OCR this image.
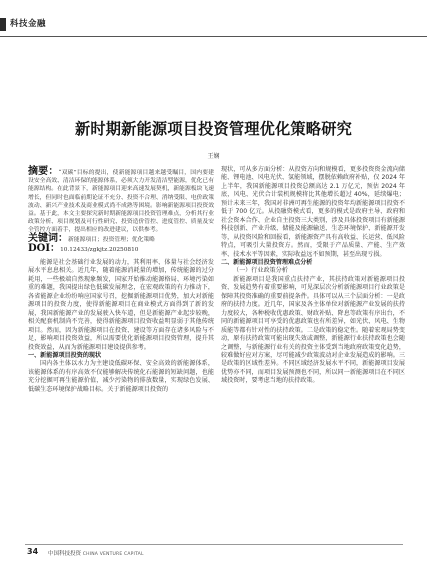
科技金融
新时期新能源项目投资管理优化策略研究
王娴

摘要：“双碳”目标的提出，使新能源项目越来越受瞩目，国内要建设安全高效、清洁环保的能源体系，必须大力开发清洁型能源，优化已有能源结构。在此背景下，新能源项目迎来高速发展契机，新能源板块飞速增长，但同时也面临前期论证不充分、投资不合理、消纳受限、电价政策波动、新兴产业技术及商业模式尚不成熟等困境。影响新能源项目投资效益。基于此，本文主要探究新时期新能源项目投资管理难点，分析其行业政策分析、项目规划及可行性研究、投资造价管控、进度管控、质量及安全管控方面着手，提出相应的改进建议，以供参考。

关键词：新能源项目；投资管理；优化策略

DOI：10.12433/zgkjtz.20250810

能源是社会基础行业发展的动力，其利用率、体量与社会经济发展水平息息相关。近几年，随着能源消耗量的增加，传统能源的过分耗用，一些极端自然现象频发，国家开始推动能源格局、环境污染如重的难题，我国提出绿色低碳发展理念，在宏观政策的有力推动下，各省能源企业纷纷响应国家号召，挖掘新能源项目优势，加大对新能源项目的投资力度，使得新能源项目在商业模式方面得到了新的发展，我国新能源产业的发展驶入快车道，但是新能源产业起步较晚，相关配套机制尚不完善，使得新能源项目投资收益明显弱于其他传统项目。然而，因为新能源项目在投资、建设等方面存在诸多风险与不足，影响项目投资效益，所以需要优化新能源项目投资管理，提升其投资效益，从而为新能源项目建设提供参考。

一、新能源项目投资的现状

国内各主体以水力为主建设低碳环保、安全高效的新能源体系，该能源体系的有序高效不仅能够解决传统化石能源的短缺问题，也能充分挖掘可再生能源价值，减少污染物的排放数量，实现绿色发展、低碳生态环境保护战略目标。关于新能源项目投资的

现状，可从多方面分析：从投资方向和规模看，更多投资资金流向储能、锂电池、风电光伏、氢能领域，摆脱依赖政府补贴，仅 2024 年上半年，我国新能源项目投资总额高达 2.1 万亿元，预估 2024 年底，风电、光伏合计装机规模将比其他增长超过 40%，延续爆电；预计未来三年，我国对非洲可再生能源的投资年均新能源项目投资不低于 700 亿元。从投融资模式看，更多的模式是政府主导、政府和社会资本合作、企业自主投资三大类别，涉及具体投资项目有新能源科技创新、产业升级、储能及能源输送、生态环境保护、新能源开发等，从投资风险和回报看，新能源资产具有高收益、长运营、低风险特点，可吸引大量投资方。然而，受限于产品质量、产能、生产效率、技术水平等因素，实际收益远不如预期，甚至出现亏损。

二、新能源项目投资管理难点分析

（一）行业政策分析

新能源项目是我国重点扶持产业，其扶持政策对新能源项目投资、发展趋势有着重要影响，可见深层次分析新能源项目行业政策是保障其投资准确的重要前提条件。具体可以从三个层面分析：一是政府的扶持力度。近几年，国家及各主体单位对新能源产业发展的扶持力度较大，各种税收优惠政策、财政补贴、降息等政策有序出台，不同的新能源项目可享受的优惠政策也有所差异，如光伏、风电、生物质能等都有针对性的扶持政策。二是政策的稳定性。随着宏观局势变动，原有扶持政策可能出现失效或调整，新能源行业扶持政策也会随之调整，与新能源行业有关的投资主体受到当地政府政策变化趋势，较难做好应对方案，尽可能减少政策波动对企业发展造成的影响。三是政策的区域性差异。不同区域经济发展水平不同，新能源项目发展优势亦不同，而项目发展预测也不同，所以同一新能源项目在不同区域投资时，要考虑当地的扶持政策。

34 中国科技投资 CHINA VENTURE CAPITAL
